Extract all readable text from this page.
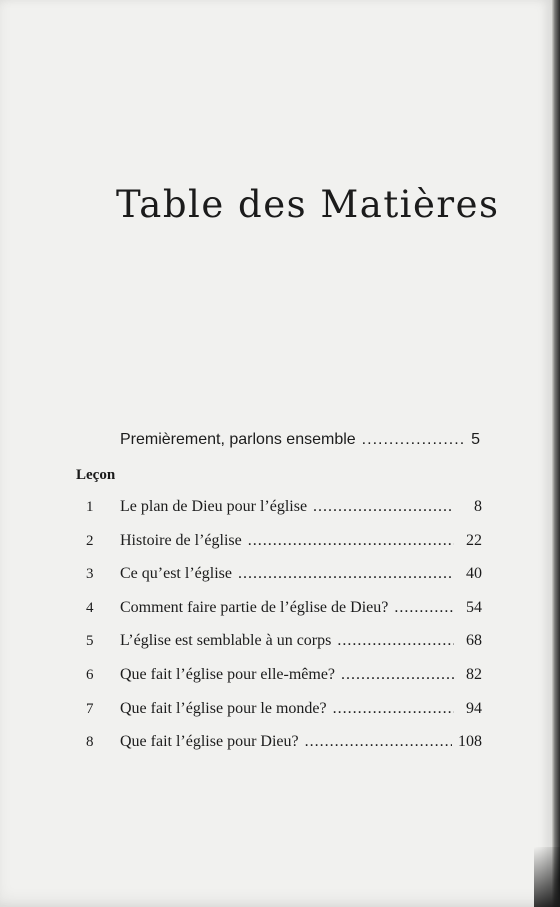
Table des Matières
Premièrement, parlons ensemble .....	5
Leçon
1	Le plan de Dieu pour l’église .....	8
2	Histoire de l’église .....	22
3	Ce qu’est l’église .....	40
4	Comment faire partie de l’église de Dieu? .....	54
5	L’église est semblable à un corps .....	68
6	Que fait l’église pour elle-même? .....	82
7	Que fait l’église pour le monde? .....	94
8	Que fait l’église pour Dieu? .....	108
